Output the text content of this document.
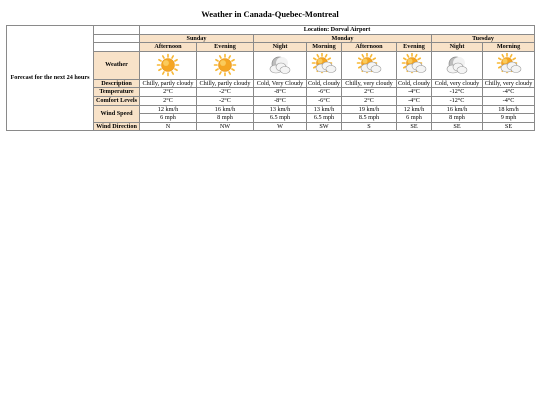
Weather in Canada-Quebec-Montreal
Forecast for the next 24 hours		Location: Dorval Airport							
		Sunday		Monday				Tuesday	
		Afternoon	Evening	Night	Morning	Afternoon	Evening	Night	Morning
	Weather	

	Description	Chilly, partly cloudy	Chilly, partly cloudy	Cold, Very Cloudy	Cold, cloudy	Chilly, very cloudy	Cold, cloudy	Cold, very cloudy	Chilly, very cloudy
	Temperature	2°C	-2°C	-8°C	-6°C	2°C	-4°C	-12°C	-4°C
	Comfort Levels	2°C	-2°C	-8°C	-6°C	2°C	-4°C	-12°C	-4°C
	Wind Speed	12 km/h	16 km/h	13 km/h	13 km/h	19 km/h	12 km/h	16 km/h	18 km/h
		6 mph	8 mph	6.5 mph	6.5 mph	8.5 mph	6 mph	8 mph	9 mph
	Wind Direction	N	NW	W	SW	S	SE	SE	SE
